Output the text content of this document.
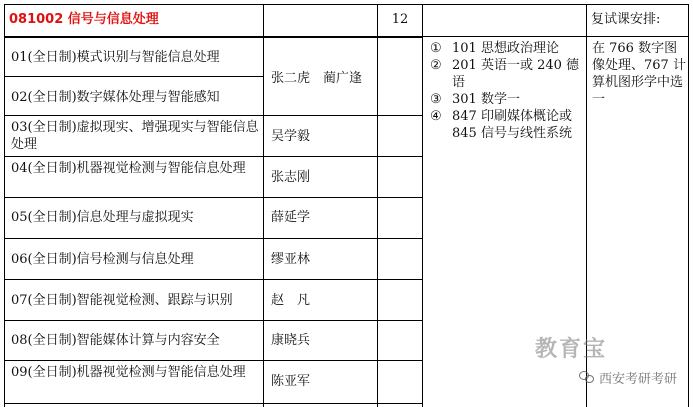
081002 信号与信息处理	12	复试课安排:
01(全日制)模式识别与智能信息处理
02(全日制)数字媒体处理与智能感知
03(全日制)虚拟现实、增强现实与智能信息处理
04(全日制)机器视觉检测与智能信息处理
05(全日制)信息处理与虚拟现实
06(全日制)信号检测与信息处理
07(全日制)智能视觉检测、跟踪与识别
08(全日制)智能媒体计算与内容安全
09(全日制)机器视觉检测与智能信息处理
张二虎　蔺广逢
吴学毅
张志刚
薛延学
缪亚林
赵　凡
康晓兵
陈亚军
① 101 思想政治理论
② 201 英语一或 240 德语
③ 301 数学一
④ 847 印刷媒体概论或 845 信号与线性系统
在 766 数字图像处理、767 计算机图形学中选一
教育宝
西安考研考研
